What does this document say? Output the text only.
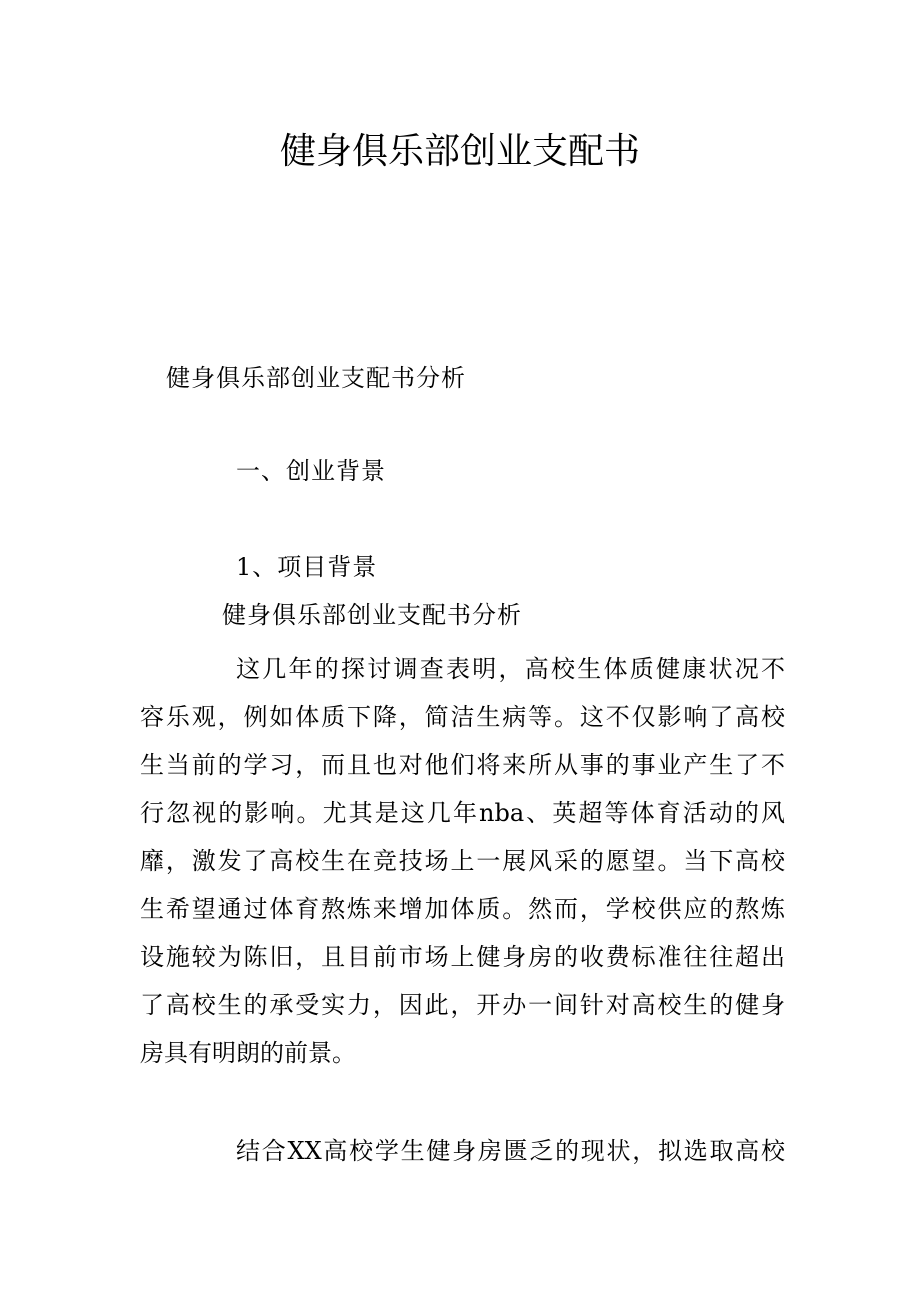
健身俱乐部创业支配书
健身俱乐部创业支配书分析
一、创业背景
1、项目背景
健身俱乐部创业支配书分析
这几年的探讨调查表明，高校生体质健康状况不
容乐观，例如体质下降，简洁生病等。这不仅影响了高校
生当前的学习，而且也对他们将来所从事的事业产生了不
行忽视的影响。尤其是这几年nba、英超等体育活动的风
靡，激发了高校生在竞技场上一展风采的愿望。当下高校
生希望通过体育熬炼来增加体质。然而，学校供应的熬炼
设施较为陈旧，且目前市场上健身房的收费标准往往超出
了高校生的承受实力，因此，开办一间针对高校生的健身
房具有明朗的前景。
结合XX高校学生健身房匮乏的现状，拟选取高校
